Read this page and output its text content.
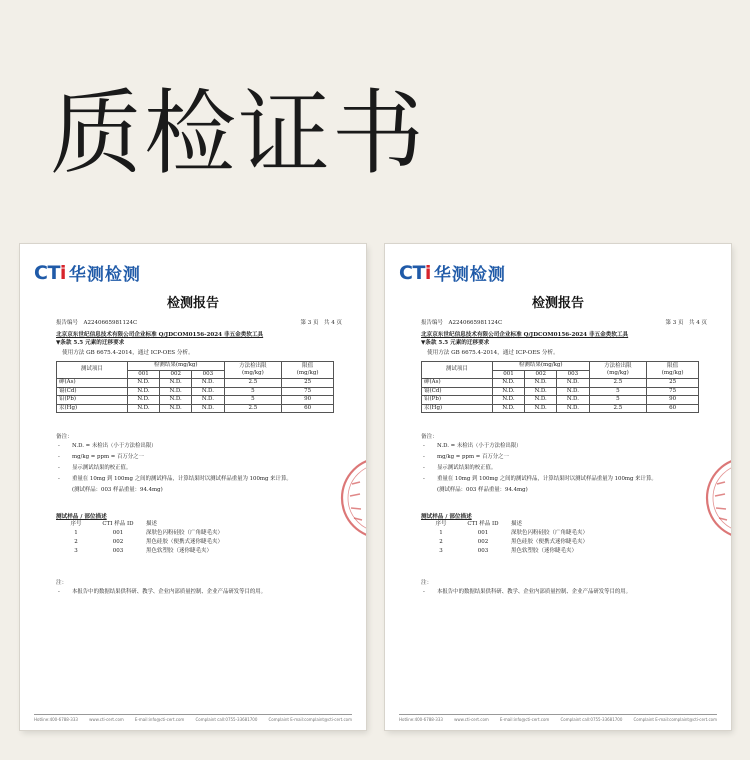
质检证书
CTi 华测检测
检测报告
报告编号　A2240665981124C	第 3 页　共 4 页
北京京东世纪信息技术有限公司企业标准 Q/JDCOM0156-2024 非五金类软工具
▼条款 5.5 元素的迁移要求
使用方法 GB 6675.4-2014，通过 ICP-OES 分析。
测试项目	检测结果(mg/kg)			方法检出限
(mg/kg)	限值
(mg/kg)
	001	002	003		
砷(As)	N.D.	N.D.	N.D.	2.5	25
镉(Cd)	N.D.	N.D.	N.D.	5	75
铅(Pb)	N.D.	N.D.	N.D.	5	90
汞(Hg)	N.D.	N.D.	N.D.	2.5	60
备注：
-	N.D. = 未检出（小于方法检出限）
-	mg/kg = ppm = 百万分之一
-	显示测试结果的校正值。
-	重量在 10mg 到 100mg 之间的测试样品，计算结果时以测试样品重量为 100mg 来计算。
(测试样品：003 样品重量：94.4mg)
测试样品 / 部位描述
序号	CTI 样品 ID	描述
1	001	深肤色闪粉硅胶（广角睫毛夹）
2	002	黑色硅胶（便携式迷你睫毛夹）
3	003	黑色软塑胶（迷你睫毛夹）
注：
- 本报告中的数据结果供科研、教学、企业内部质量控制、企业产品研发等目的用。
Hotline:400-6788-333	www.cti-cert.com	E-mail:info@cti-cert.com	Complaint call:0755-33681700	Complaint E-mail:complaint@cti-cert.com
CTi 华测检测
检测报告
报告编号　A2240665981124C	第 3 页　共 4 页
北京京东世纪信息技术有限公司企业标准 Q/JDCOM0156-2024 非五金类软工具
▼条款 5.5 元素的迁移要求
使用方法 GB 6675.4-2014，通过 ICP-OES 分析。
测试项目	检测结果(mg/kg)			方法检出限
(mg/kg)	限值
(mg/kg)
	001	002	003		
砷(As)	N.D.	N.D.	N.D.	2.5	25
镉(Cd)	N.D.	N.D.	N.D.	5	75
铅(Pb)	N.D.	N.D.	N.D.	5	90
汞(Hg)	N.D.	N.D.	N.D.	2.5	60
备注：
-	N.D. = 未检出（小于方法检出限）
-	mg/kg = ppm = 百万分之一
-	显示测试结果的校正值。
-	重量在 10mg 到 100mg 之间的测试样品，计算结果时以测试样品重量为 100mg 来计算。
(测试样品：003 样品重量：94.4mg)
测试样品 / 部位描述
序号	CTI 样品 ID	描述
1	001	深肤色闪粉硅胶（广角睫毛夹）
2	002	黑色硅胶（便携式迷你睫毛夹）
3	003	黑色软塑胶（迷你睫毛夹）
注：
- 本报告中的数据结果供科研、教学、企业内部质量控制、企业产品研发等目的用。
Hotline:400-6788-333	www.cti-cert.com	E-mail:info@cti-cert.com	Complaint call:0755-33681700	Complaint E-mail:complaint@cti-cert.com
